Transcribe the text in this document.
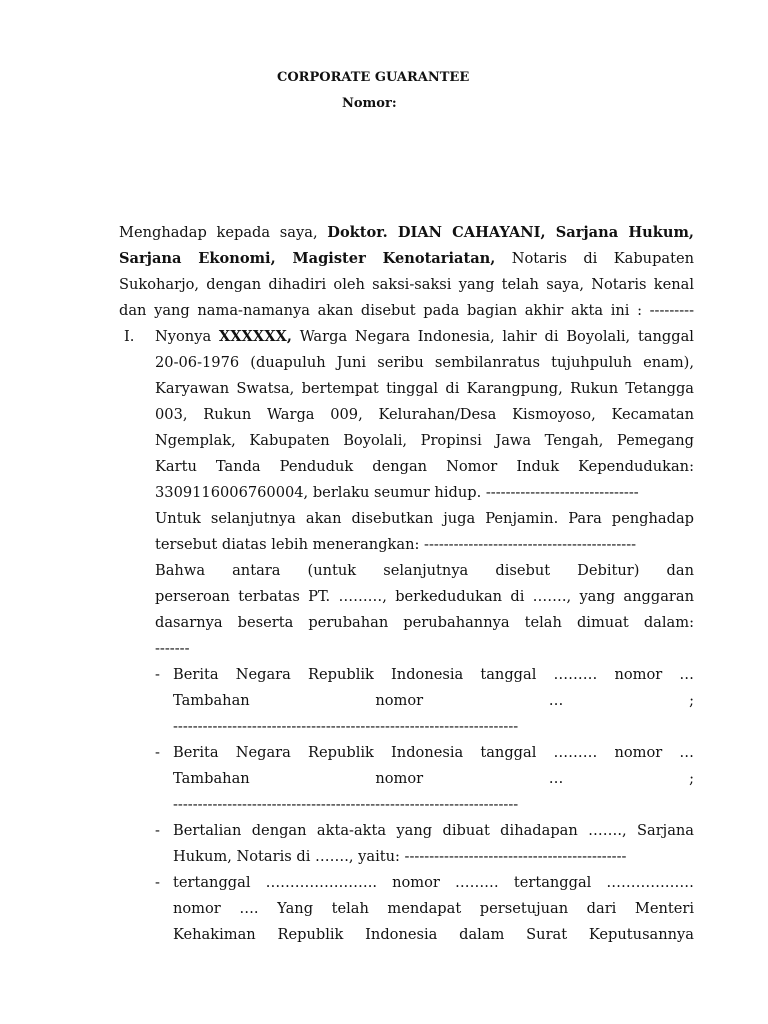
CORPORATE GUARANTEE
Nomor:
Menghadap kepada saya, Doktor. DIAN CAHAYANI, Sarjana Hukum,
Sarjana Ekonomi, Magister Kenotariatan, Notaris di Kabupaten
Sukoharjo, dengan dihadiri oleh saksi-saksi yang telah saya, Notaris kenal
dan yang nama-namanya akan disebut pada bagian akhir akta ini : ---------
I. Nyonya XXXXXX, Warga Negara Indonesia, lahir di Boyolali, tanggal
20-06-1976 (duapuluh Juni seribu sembilanratus tujuhpuluh enam),
Karyawan Swatsa, bertempat tinggal di Karangpung, Rukun Tetangga
003, Rukun Warga 009, Kelurahan/Desa Kismoyoso, Kecamatan
Ngemplak, Kabupaten Boyolali, Propinsi Jawa Tengah, Pemegang
Kartu Tanda Penduduk dengan Nomor Induk Kependudukan:
3309116006760004, berlaku seumur hidup. -------------------------------
Untuk selanjutnya akan disebutkan juga Penjamin. Para penghadap
tersebut diatas lebih menerangkan: -------------------------------------------
Bahwa antara (untuk selanjutnya disebut Debitur) dan
perseroan terbatas PT. ………, berkedudukan di ……., yang anggaran
dasarnya beserta perubahan perubahannya telah dimuat dalam:
-------
- Berita Negara Republik Indonesia tanggal ……… nomor …
Tambahan nomor … ;
----------------------------------------------------------------------
- Berita Negara Republik Indonesia tanggal ……… nomor …
Tambahan nomor … ;
----------------------------------------------------------------------
- Bertalian dengan akta-akta yang dibuat dihadapan ……., Sarjana
Hukum, Notaris di ……., yaitu: ---------------------------------------------
- tertanggal ………………….. nomor ……… tertanggal ………………
nomor …. Yang telah mendapat persetujuan dari Menteri
Kehakiman Republik Indonesia dalam Surat Keputusannya
